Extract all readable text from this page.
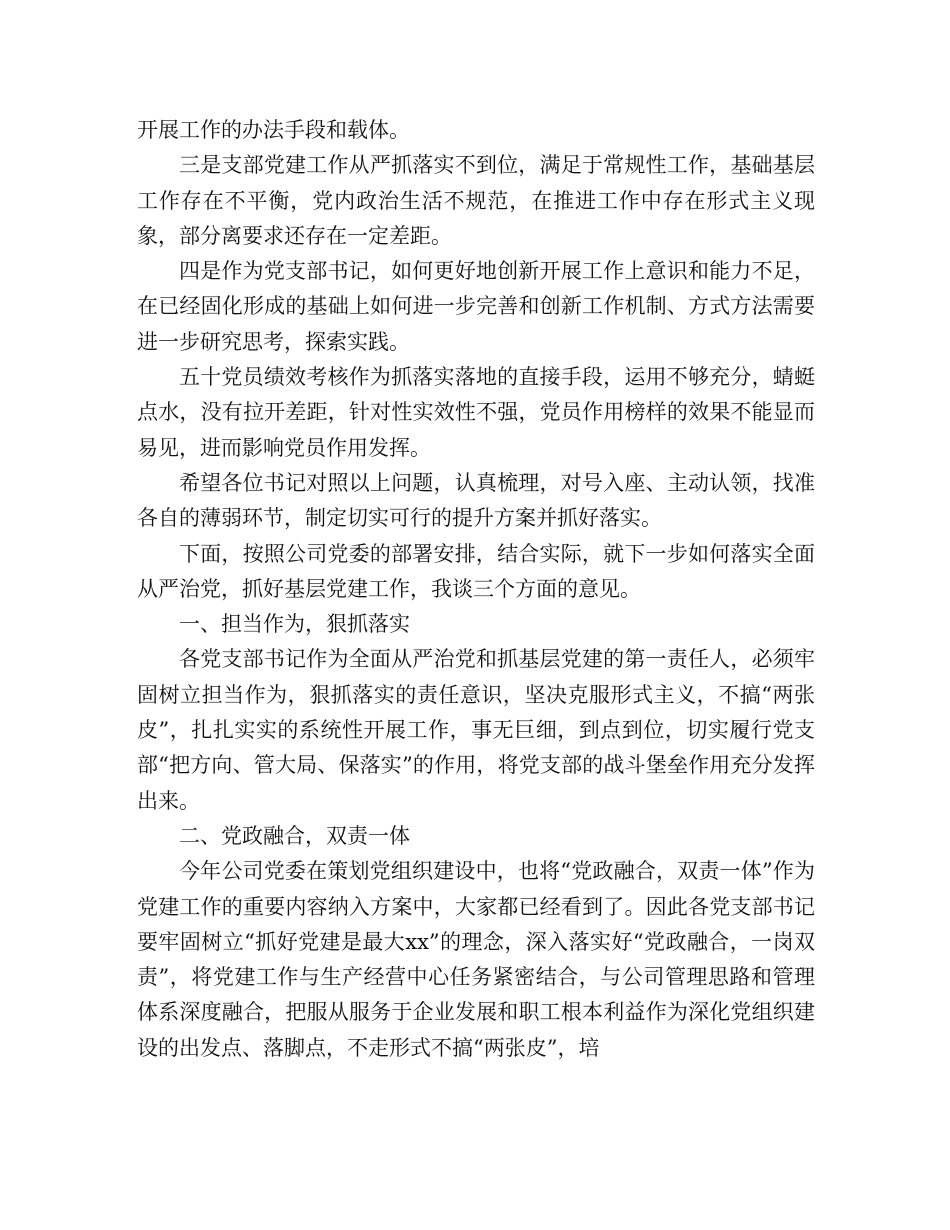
开展工作的办法手段和载体。

三是支部党建工作从严抓落实不到位，满足于常规性工作，基础基层工作存在不平衡，党内政治生活不规范，在推进工作中存在形式主义现象，部分离要求还存在一定差距。

四是作为党支部书记，如何更好地创新开展工作上意识和能力不足，在已经固化形成的基础上如何进一步完善和创新工作机制、方式方法需要进一步研究思考，探索实践。

五十党员绩效考核作为抓落实落地的直接手段，运用不够充分，蜻蜓点水，没有拉开差距，针对性实效性不强，党员作用榜样的效果不能显而易见，进而影响党员作用发挥。

希望各位书记对照以上问题，认真梳理，对号入座、主动认领，找准各自的薄弱环节，制定切实可行的提升方案并抓好落实。

下面，按照公司党委的部署安排，结合实际，就下一步如何落实全面从严治党，抓好基层党建工作，我谈三个方面的意见。

一、担当作为，狠抓落实

各党支部书记作为全面从严治党和抓基层党建的第一责任人，必须牢固树立担当作为，狠抓落实的责任意识，坚决克服形式主义，不搞“两张皮”，扎扎实实的系统性开展工作，事无巨细，到点到位，切实履行党支部“把方向、管大局、保落实”的作用，将党支部的战斗堡垒作用充分发挥出来。

二、党政融合，双责一体

今年公司党委在策划党组织建设中，也将“党政融合，双责一体”作为党建工作的重要内容纳入方案中，大家都已经看到了。因此各党支部书记要牢固树立“抓好党建是最大xx”的理念，深入落实好“党政融合，一岗双责”，将党建工作与生产经营中心任务紧密结合，与公司管理思路和管理体系深度融合，把服从服务于企业发展和职工根本利益作为深化党组织建设的出发点、落脚点，不走形式不搞“两张皮”，培
